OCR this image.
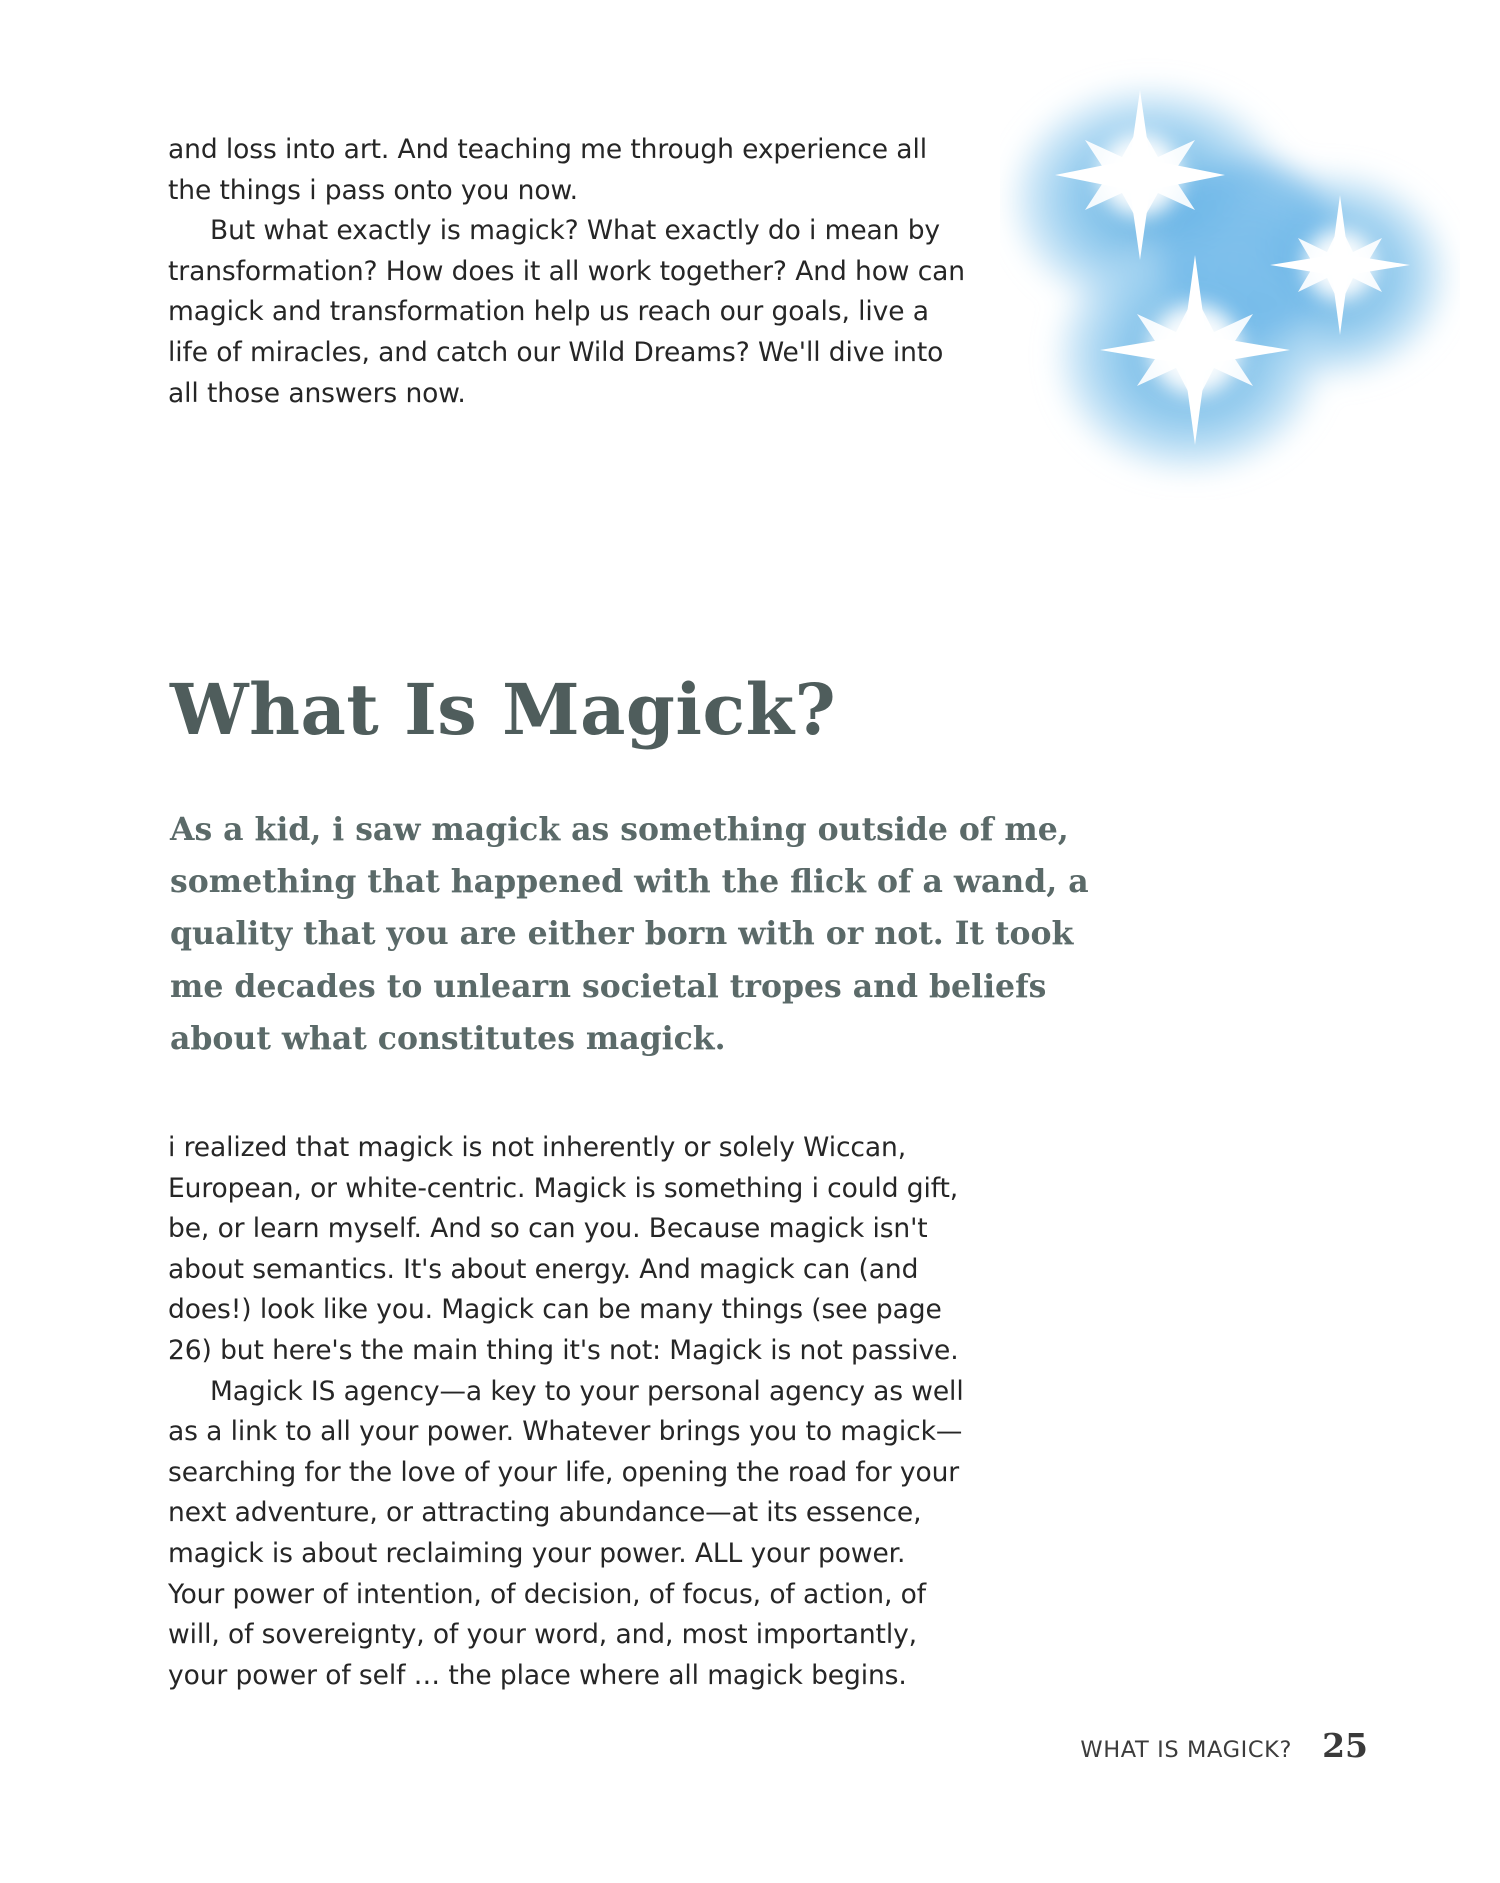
and loss into art. And teaching me through experience all the things i pass onto you now.

But what exactly is magick? What exactly do i mean by transformation? How does it all work together? And how can magick and transformation help us reach our goals, live a life of miracles, and catch our Wild Dreams? We'll dive into all those answers now.

What Is Magick?

As a kid, i saw magick as something outside of me, something that happened with the flick of a wand, a quality that you are either born with or not. It took me decades to unlearn societal tropes and beliefs about what constitutes magick.

i realized that magick is not inherently or solely Wiccan, European, or white-centric. Magick is something i could gift, be, or learn myself. And so can you. Because magick isn't about semantics. It's about energy. And magick can (and does!) look like you. Magick can be many things (see page 26) but here's the main thing it's not: Magick is not passive.

Magick IS agency—a key to your personal agency as well as a link to all your power. Whatever brings you to magick—searching for the love of your life, opening the road for your next adventure, or attracting abundance—at its essence, magick is about reclaiming your power. ALL your power. Your power of intention, of decision, of focus, of action, of will, of sovereignty, of your word, and, most importantly, your power of self … the place where all magick begins.

WHAT IS MAGICK? 25
